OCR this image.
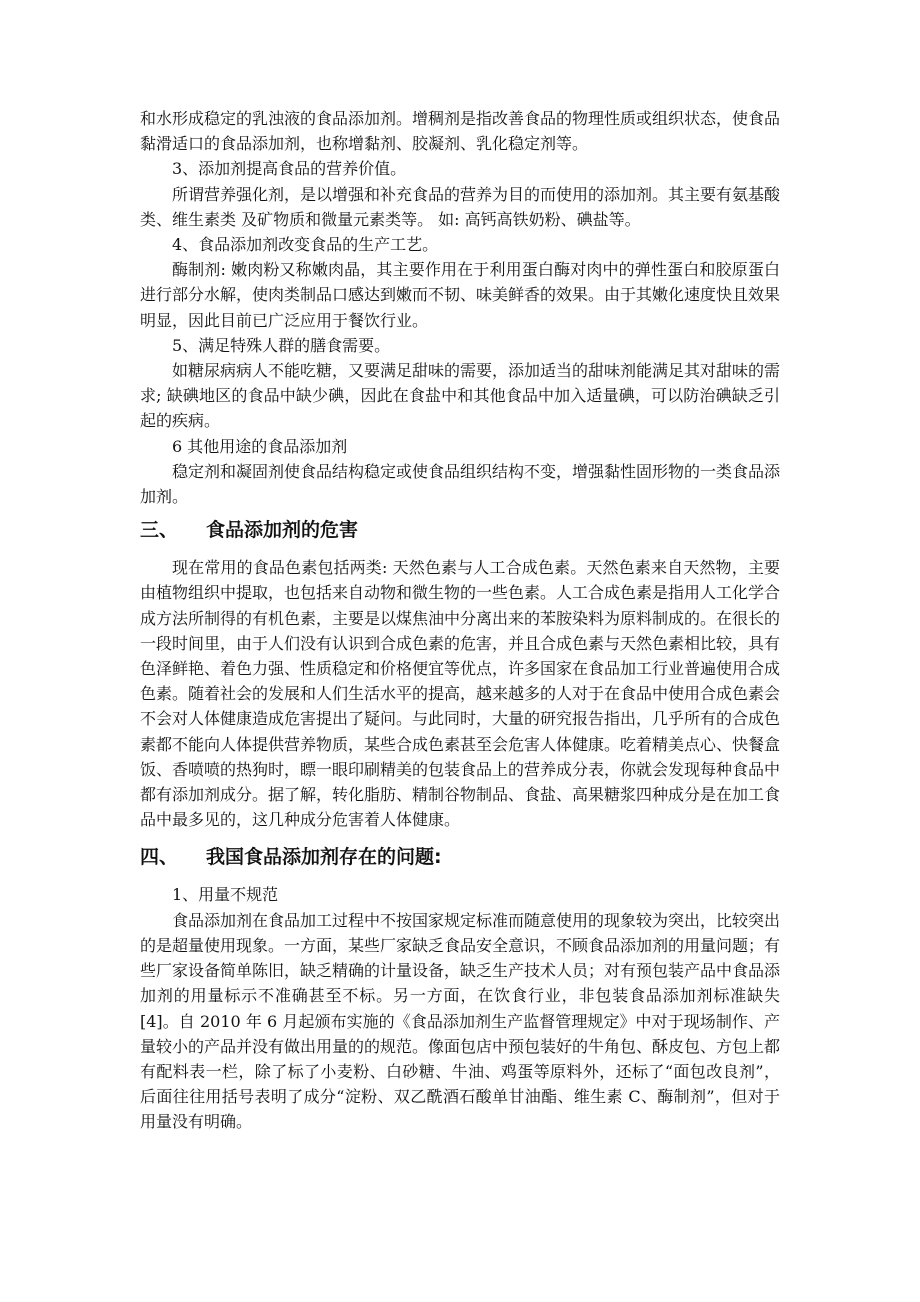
和水形成稳定的乳浊液的食品添加剂。增稠剂是指改善食品的物理性质或组织状态，使食品黏滑适口的食品添加剂，也称增黏剂、胶凝剂、乳化稳定剂等。

3、添加剂提高食品的营养价值。

所谓营养强化剂，是以增强和补充食品的营养为目的而使用的添加剂。其主要有氨基酸类、维生素类 及矿物质和微量元素类等。 如: 高钙高铁奶粉、碘盐等。

4、食品添加剂改变食品的生产工艺。

酶制剂: 嫩肉粉又称嫩肉晶，其主要作用在于利用蛋白酶对肉中的弹性蛋白和胶原蛋白进行部分水解，使肉类制品口感达到嫩而不韧、味美鲜香的效果。由于其嫩化速度快且效果明显，因此目前已广泛应用于餐饮行业。

5、满足特殊人群的膳食需要。

如糖尿病病人不能吃糖，又要满足甜味的需要，添加适当的甜味剂能满足其对甜味的需求; 缺碘地区的食品中缺少碘，因此在食盐中和其他食品中加入适量碘，可以防治碘缺乏引起的疾病。

6 其他用途的食品添加剂

稳定剂和凝固剂使食品结构稳定或使食品组织结构不变，增强黏性固形物的一类食品添加剂。

三、 食品添加剂的危害

现在常用的食品色素包括两类: 天然色素与人工合成色素。天然色素来自天然物，主要由植物组织中提取，也包括来自动物和微生物的一些色素。人工合成色素是指用人工化学合成方法所制得的有机色素，主要是以煤焦油中分离出来的苯胺染料为原料制成的。在很长的一段时间里，由于人们没有认识到合成色素的危害，并且合成色素与天然色素相比较，具有色泽鲜艳、着色力强、性质稳定和价格便宜等优点，许多国家在食品加工行业普遍使用合成色素。随着社会的发展和人们生活水平的提高，越来越多的人对于在食品中使用合成色素会不会对人体健康造成危害提出了疑问。与此同时，大量的研究报告指出，几乎所有的合成色素都不能向人体提供营养物质，某些合成色素甚至会危害人体健康。吃着精美点心、快餐盒饭、香喷喷的热狗时，瞟一眼印刷精美的包装食品上的营养成分表，你就会发现每种食品中都有添加剂成分。据了解，转化脂肪、精制谷物制品、食盐、高果糖浆四种成分是在加工食品中最多见的，这几种成分危害着人体健康。

四、 我国食品添加剂存在的问题:

1、用量不规范

食品添加剂在食品加工过程中不按国家规定标准而随意使用的现象较为突出，比较突出的是超量使用现象。一方面，某些厂家缺乏食品安全意识，不顾食品添加剂的用量问题；有些厂家设备简单陈旧，缺乏精确的计量设备，缺乏生产技术人员；对有预包装产品中食品添加剂的用量标示不准确甚至不标。另一方面，在饮食行业，非包装食品添加剂标准缺失[4]。自 2010 年 6 月起颁布实施的《食品添加剂生产监督管理规定》中对于现场制作、产量较小的产品并没有做出用量的的规范。像面包店中预包装好的牛角包、酥皮包、方包上都有配料表一栏，除了标了小麦粉、白砂糖、牛油、鸡蛋等原料外，还标了“面包改良剂”，后面往往用括号表明了成分“淀粉、双乙酰酒石酸单甘油酯、维生素 C、酶制剂”，但对于用量没有明确。
